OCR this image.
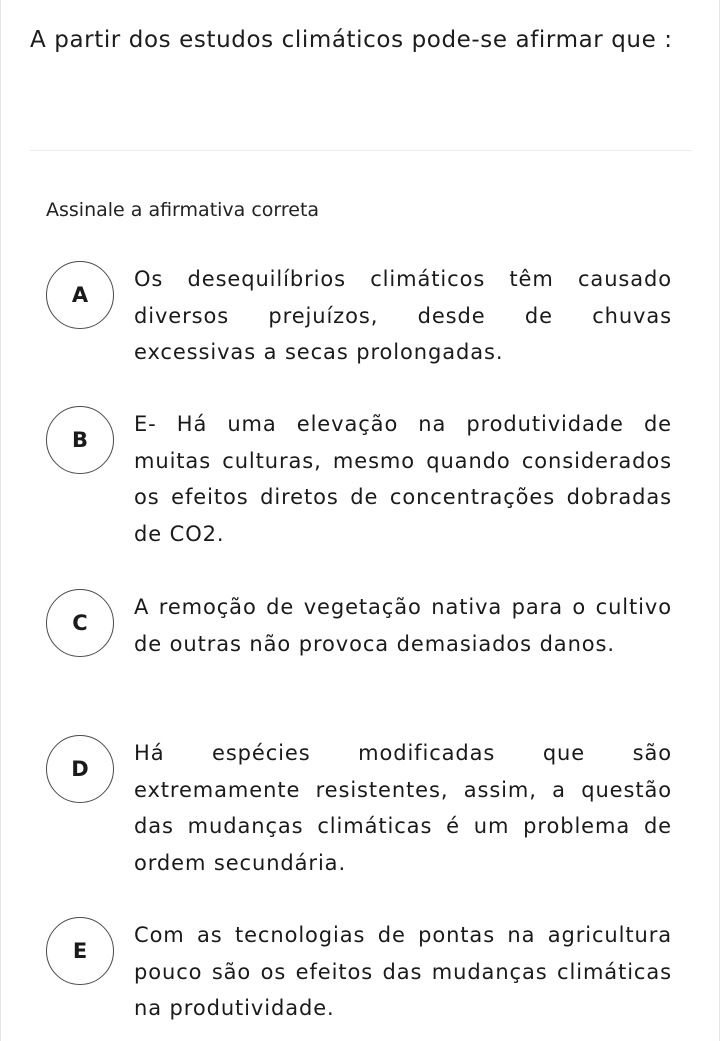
A partir dos estudos climáticos pode-se afirmar que :
Assinale a afirmativa correta
A
Os desequilíbrios climáticos têm causado diversos prejuízos, desde de chuvas excessivas a secas prolongadas.
B
E- Há uma elevação na produtividade de muitas culturas, mesmo quando considerados os efeitos diretos de concentrações dobradas de CO2.
C
A remoção de vegetação nativa para o cultivo de outras não provoca demasiados danos.
D
Há espécies modificadas que são extremamente resistentes, assim, a questão das mudanças climáticas é um problema de ordem secundária.
E
Com as tecnologias de pontas na agricultura pouco são os efeitos das mudanças climáticas na produtividade.
